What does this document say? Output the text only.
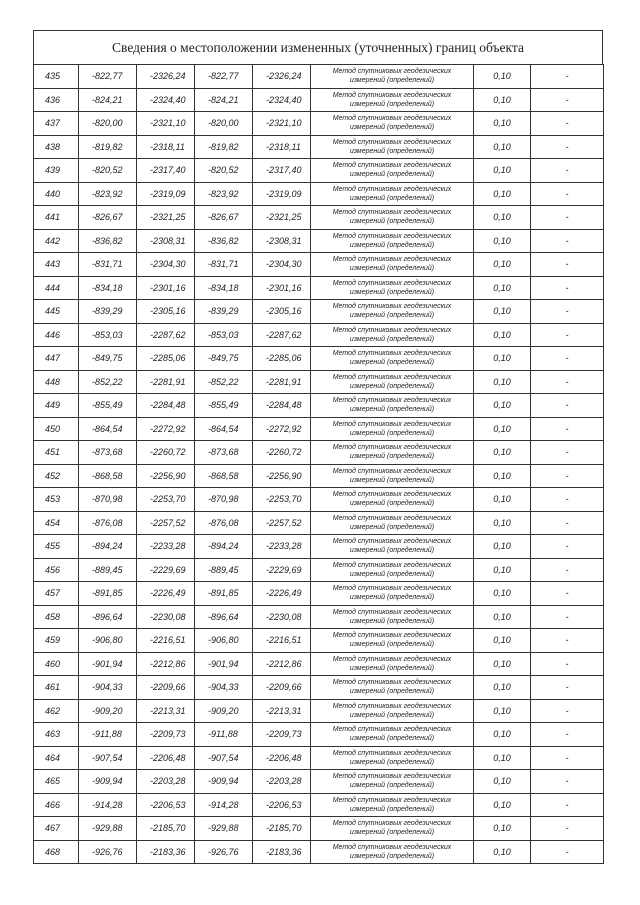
Сведения о местоположении измененных (уточненных) границ объекта
435	-822,77	-2326,24	-822,77	-2326,24	Метод спутниковых геодезических
измерений (определений)	0,10	-
436	-824,21	-2324,40	-824,21	-2324,40	Метод спутниковых геодезических
измерений (определений)	0,10	-
437	-820,00	-2321,10	-820,00	-2321,10	Метод спутниковых геодезических
измерений (определений)	0,10	-
438	-819,82	-2318,11	-819,82	-2318,11	Метод спутниковых геодезических
измерений (определений)	0,10	-
439	-820,52	-2317,40	-820,52	-2317,40	Метод спутниковых геодезических
измерений (определений)	0,10	-
440	-823,92	-2319,09	-823,92	-2319,09	Метод спутниковых геодезических
измерений (определений)	0,10	-
441	-826,67	-2321,25	-826,67	-2321,25	Метод спутниковых геодезических
измерений (определений)	0,10	-
442	-836,82	-2308,31	-836,82	-2308,31	Метод спутниковых геодезических
измерений (определений)	0,10	-
443	-831,71	-2304,30	-831,71	-2304,30	Метод спутниковых геодезических
измерений (определений)	0,10	-
444	-834,18	-2301,16	-834,18	-2301,16	Метод спутниковых геодезических
измерений (определений)	0,10	-
445	-839,29	-2305,16	-839,29	-2305,16	Метод спутниковых геодезических
измерений (определений)	0,10	-
446	-853,03	-2287,62	-853,03	-2287,62	Метод спутниковых геодезических
измерений (определений)	0,10	-
447	-849,75	-2285,06	-849,75	-2285,06	Метод спутниковых геодезических
измерений (определений)	0,10	-
448	-852,22	-2281,91	-852,22	-2281,91	Метод спутниковых геодезических
измерений (определений)	0,10	-
449	-855,49	-2284,48	-855,49	-2284,48	Метод спутниковых геодезических
измерений (определений)	0,10	-
450	-864,54	-2272,92	-864,54	-2272,92	Метод спутниковых геодезических
измерений (определений)	0,10	-
451	-873,68	-2260,72	-873,68	-2260,72	Метод спутниковых геодезических
измерений (определений)	0,10	-
452	-868,58	-2256,90	-868,58	-2256,90	Метод спутниковых геодезических
измерений (определений)	0,10	-
453	-870,98	-2253,70	-870,98	-2253,70	Метод спутниковых геодезических
измерений (определений)	0,10	-
454	-876,08	-2257,52	-876,08	-2257,52	Метод спутниковых геодезических
измерений (определений)	0,10	-
455	-894,24	-2233,28	-894,24	-2233,28	Метод спутниковых геодезических
измерений (определений)	0,10	-
456	-889,45	-2229,69	-889,45	-2229,69	Метод спутниковых геодезических
измерений (определений)	0,10	-
457	-891,85	-2226,49	-891,85	-2226,49	Метод спутниковых геодезических
измерений (определений)	0,10	-
458	-896,64	-2230,08	-896,64	-2230,08	Метод спутниковых геодезических
измерений (определений)	0,10	-
459	-906,80	-2216,51	-906,80	-2216,51	Метод спутниковых геодезических
измерений (определений)	0,10	-
460	-901,94	-2212,86	-901,94	-2212,86	Метод спутниковых геодезических
измерений (определений)	0,10	-
461	-904,33	-2209,66	-904,33	-2209,66	Метод спутниковых геодезических
измерений (определений)	0,10	-
462	-909,20	-2213,31	-909,20	-2213,31	Метод спутниковых геодезических
измерений (определений)	0,10	-
463	-911,88	-2209,73	-911,88	-2209,73	Метод спутниковых геодезических
измерений (определений)	0,10	-
464	-907,54	-2206,48	-907,54	-2206,48	Метод спутниковых геодезических
измерений (определений)	0,10	-
465	-909,94	-2203,28	-909,94	-2203,28	Метод спутниковых геодезических
измерений (определений)	0,10	-
466	-914,28	-2206,53	-914,28	-2206,53	Метод спутниковых геодезических
измерений (определений)	0,10	-
467	-929,88	-2185,70	-929,88	-2185,70	Метод спутниковых геодезических
измерений (определений)	0,10	-
468	-926,76	-2183,36	-926,76	-2183,36	Метод спутниковых геодезических
измерений (определений)	0,10	-
